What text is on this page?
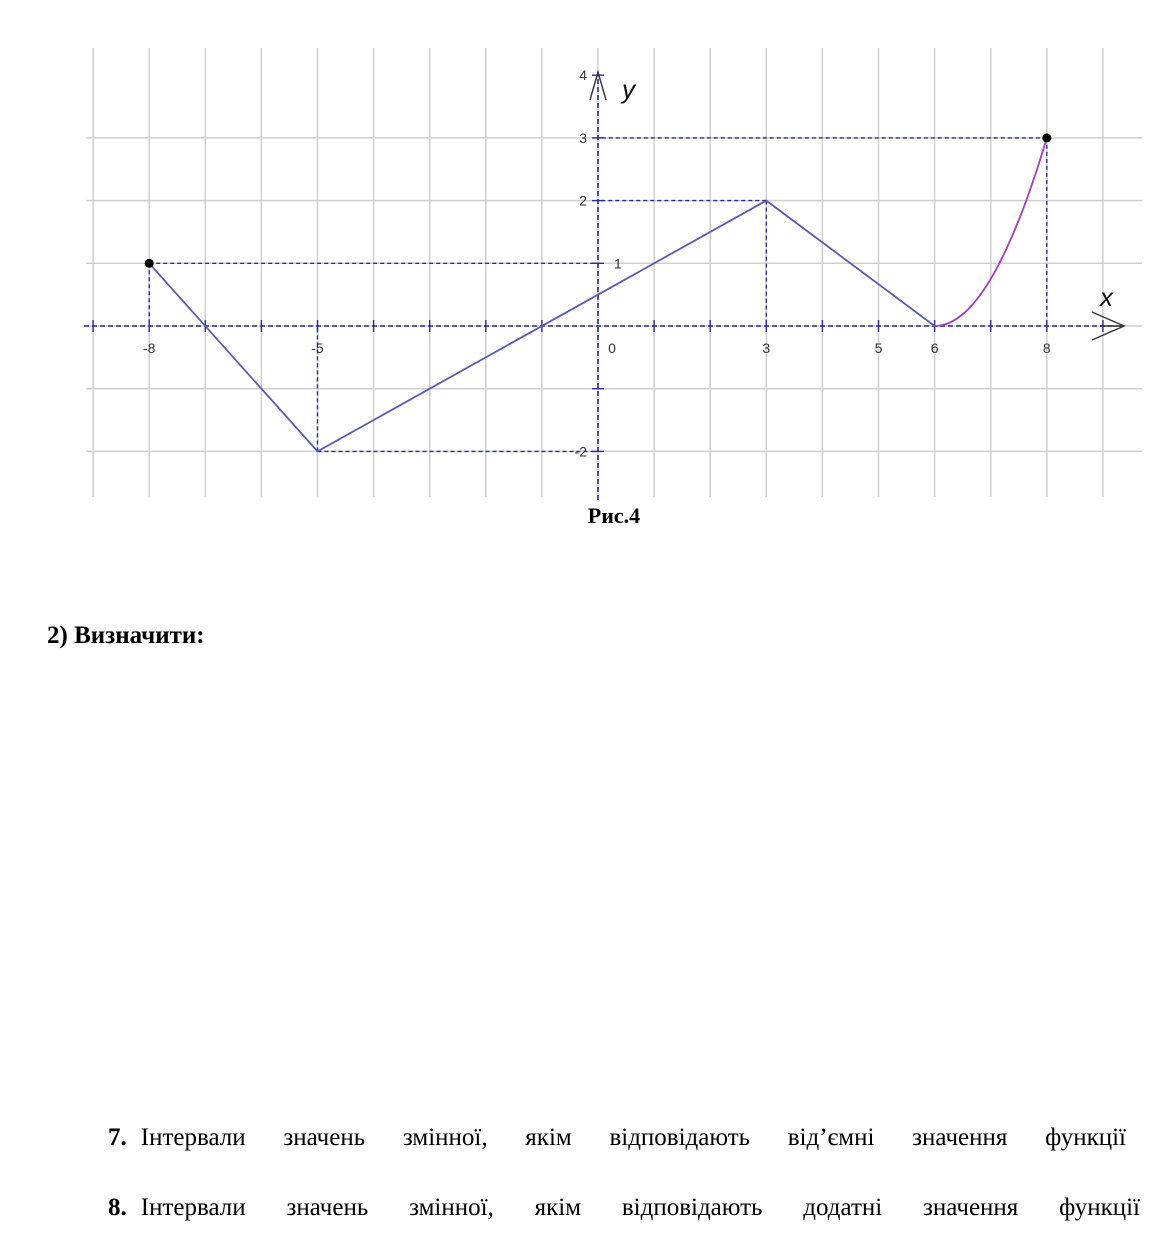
-8	-5	0	3	5	6	8
4
3
2
1
-2
x
y
Рис.4
2) Визначити:
7. Інтервали значень змінної, якім відповідають від’ємні значення функції
8. Інтервали значень змінної, якім відповідають додатні значення функції
